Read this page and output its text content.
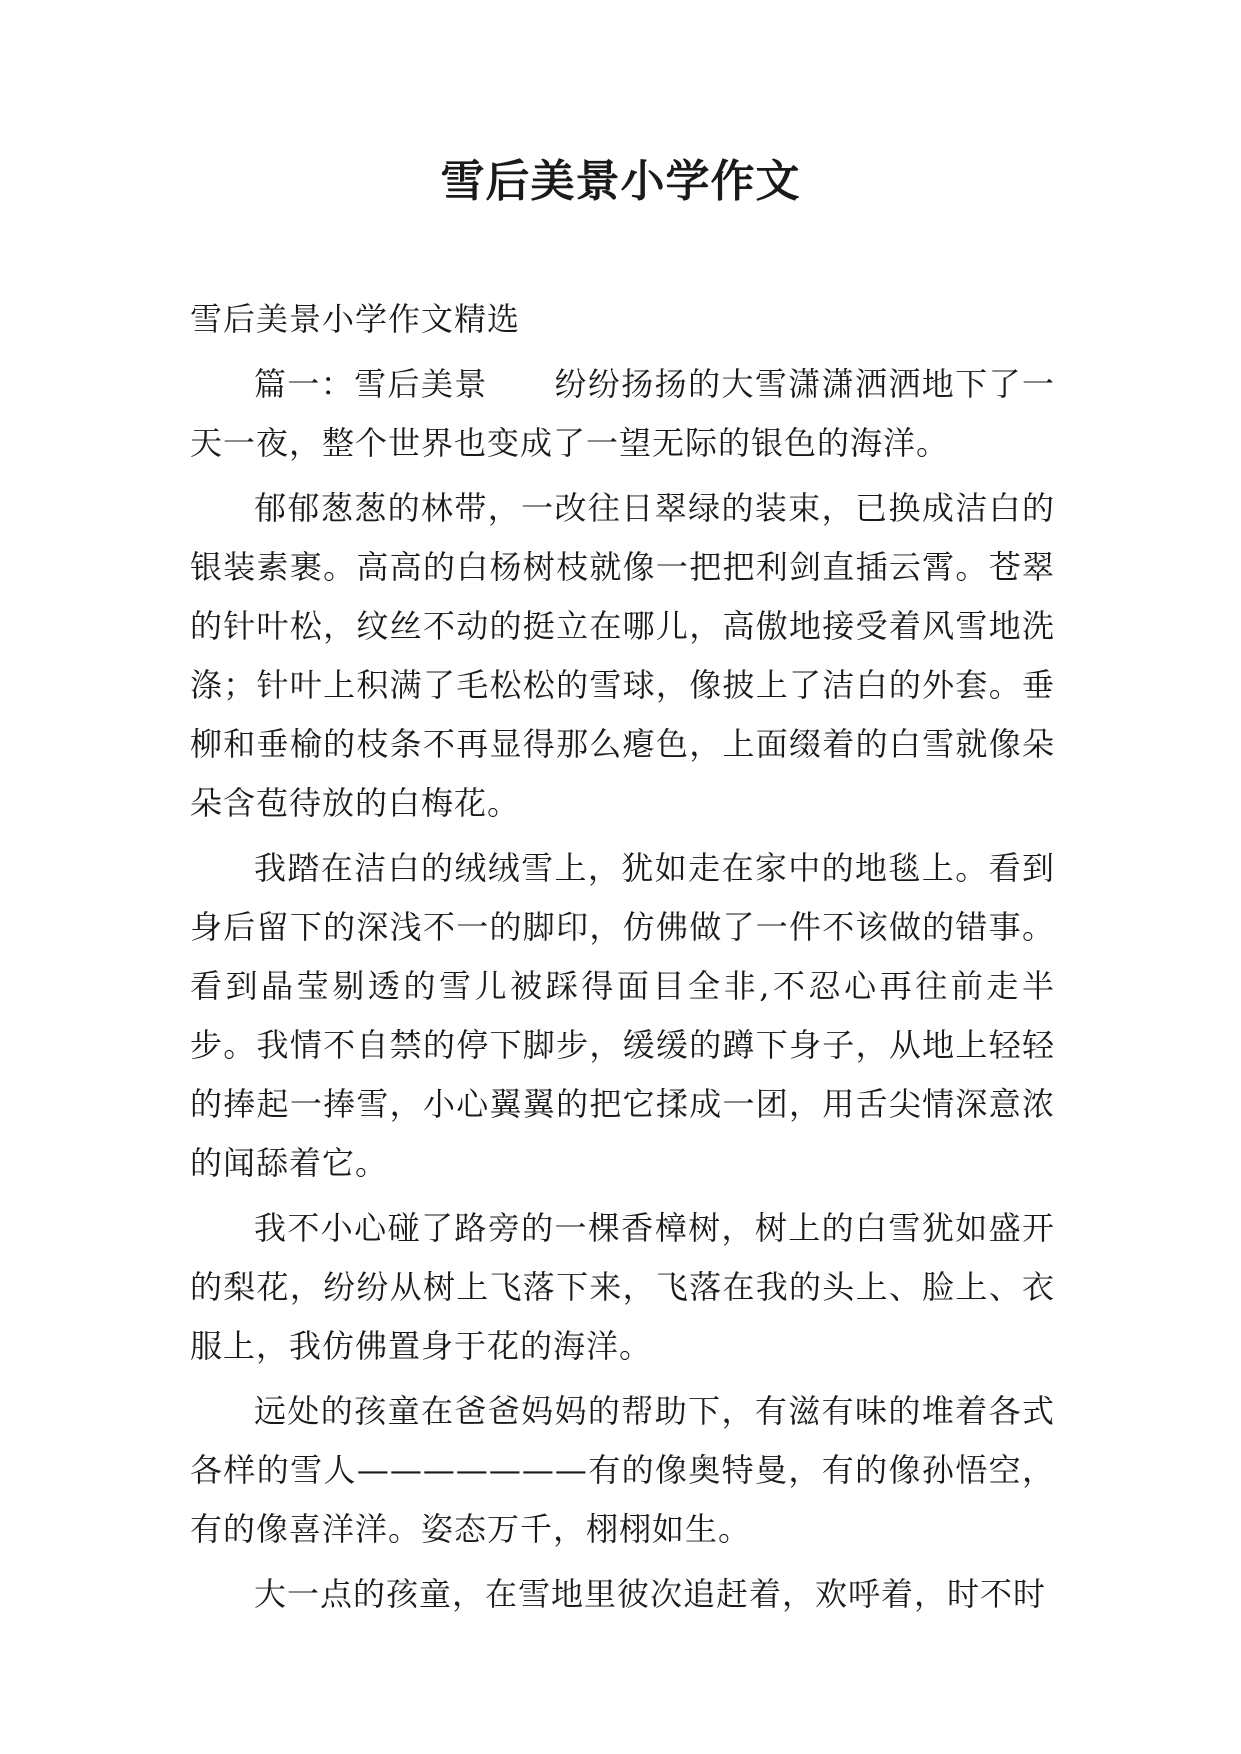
雪后美景小学作文

雪后美景小学作文精选

篇一：雪后美景　　 纷纷扬扬的大雪潇潇洒洒地下了一天一夜，整个世界也变成了一望无际的银色的海洋。

郁郁葱葱的林带，一改往日翠绿的装束，已换成洁白的银装素裹。高高的白杨树枝就像一把把利剑直插云霄。苍翠的针叶松，纹丝不动的挺立在哪儿，高傲地接受着风雪地洗涤；针叶上积满了毛松松的雪球，像披上了洁白的外套。垂柳和垂榆的枝条不再显得那么瘪色，上面缀着的白雪就像朵朵含苞待放的白梅花。

我踏在洁白的绒绒雪上，犹如走在家中的地毯上。看到身后留下的深浅不一的脚印，仿佛做了一件不该做的错事。看到晶莹剔透的雪儿被踩得面目全非,不忍心再往前走半步。我情不自禁的停下脚步，缓缓的蹲下身子，从地上轻轻的捧起一捧雪，小心翼翼的把它揉成一团，用舌尖情深意浓的闻舔着它。

我不小心碰了路旁的一棵香樟树，树上的白雪犹如盛开的梨花，纷纷从树上飞落下来，飞落在我的头上、脸上、衣服上，我仿佛置身于花的海洋。

远处的孩童在爸爸妈妈的帮助下，有滋有味的堆着各式各样的雪人———————有的像奥特曼，有的像孙悟空，有的像喜洋洋。姿态万千，栩栩如生。

大一点的孩童，在雪地里彼次追赶着，欢呼着，时不时
